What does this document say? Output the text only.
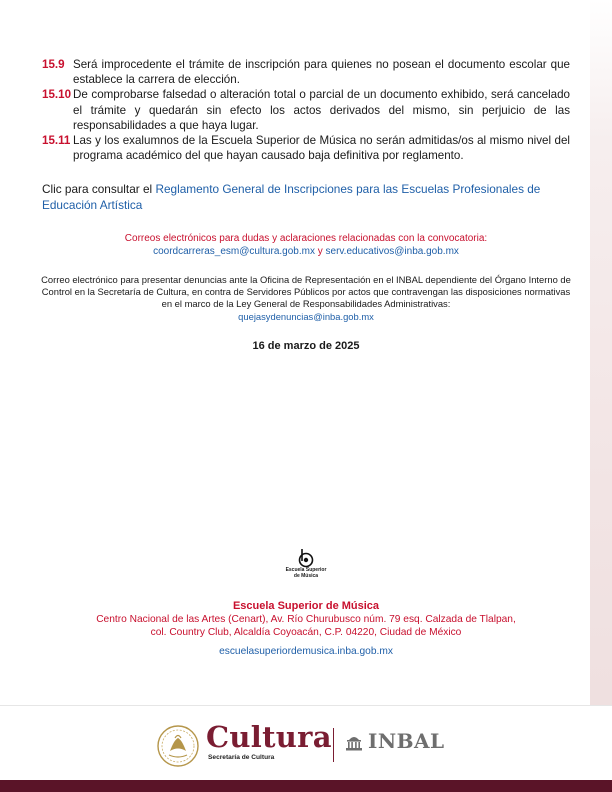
15.9 Será improcedente el trámite de inscripción para quienes no posean el documento escolar que establece la carrera de elección.
15.10 De comprobarse falsedad o alteración total o parcial de un documento exhibido, será cancelado el trámite y quedarán sin efecto los actos derivados del mismo, sin perjuicio de las responsabilidades a que haya lugar.
15.11 Las y los exalumnos de la Escuela Superior de Música no serán admitidas/os al mismo nivel del programa académico del que hayan causado baja definitiva por reglamento.
Clic para consultar el Reglamento General de Inscripciones para las Escuelas Profesionales de Educación Artística
Correos electrónicos para dudas y aclaraciones relacionadas con la convocatoria:
coordcarreras_esm@cultura.gob.mx y serv.educativos@inba.gob.mx
Correo electrónico para presentar denuncias ante la Oficina de Representación en el INBAL dependiente del Órgano Interno de Control en la Secretaría de Cultura, en contra de Servidores Públicos por actos que contravengan las disposiciones normativas en el marco de la Ley General de Responsabilidades Administrativas:
quejasydenuncias@inba.gob.mx
16 de marzo de 2025
Escuela Superior
de Música
Escuela Superior de Música
Centro Nacional de las Artes (Cenart), Av. Río Churubusco núm. 79 esq. Calzada de Tlalpan,
col. Country Club, Alcaldía Coyoacán, C.P. 04220, Ciudad de México
escuelasuperiordemusica.inba.gob.mx
Cultura
Secretaría de Cultura
INBAL
